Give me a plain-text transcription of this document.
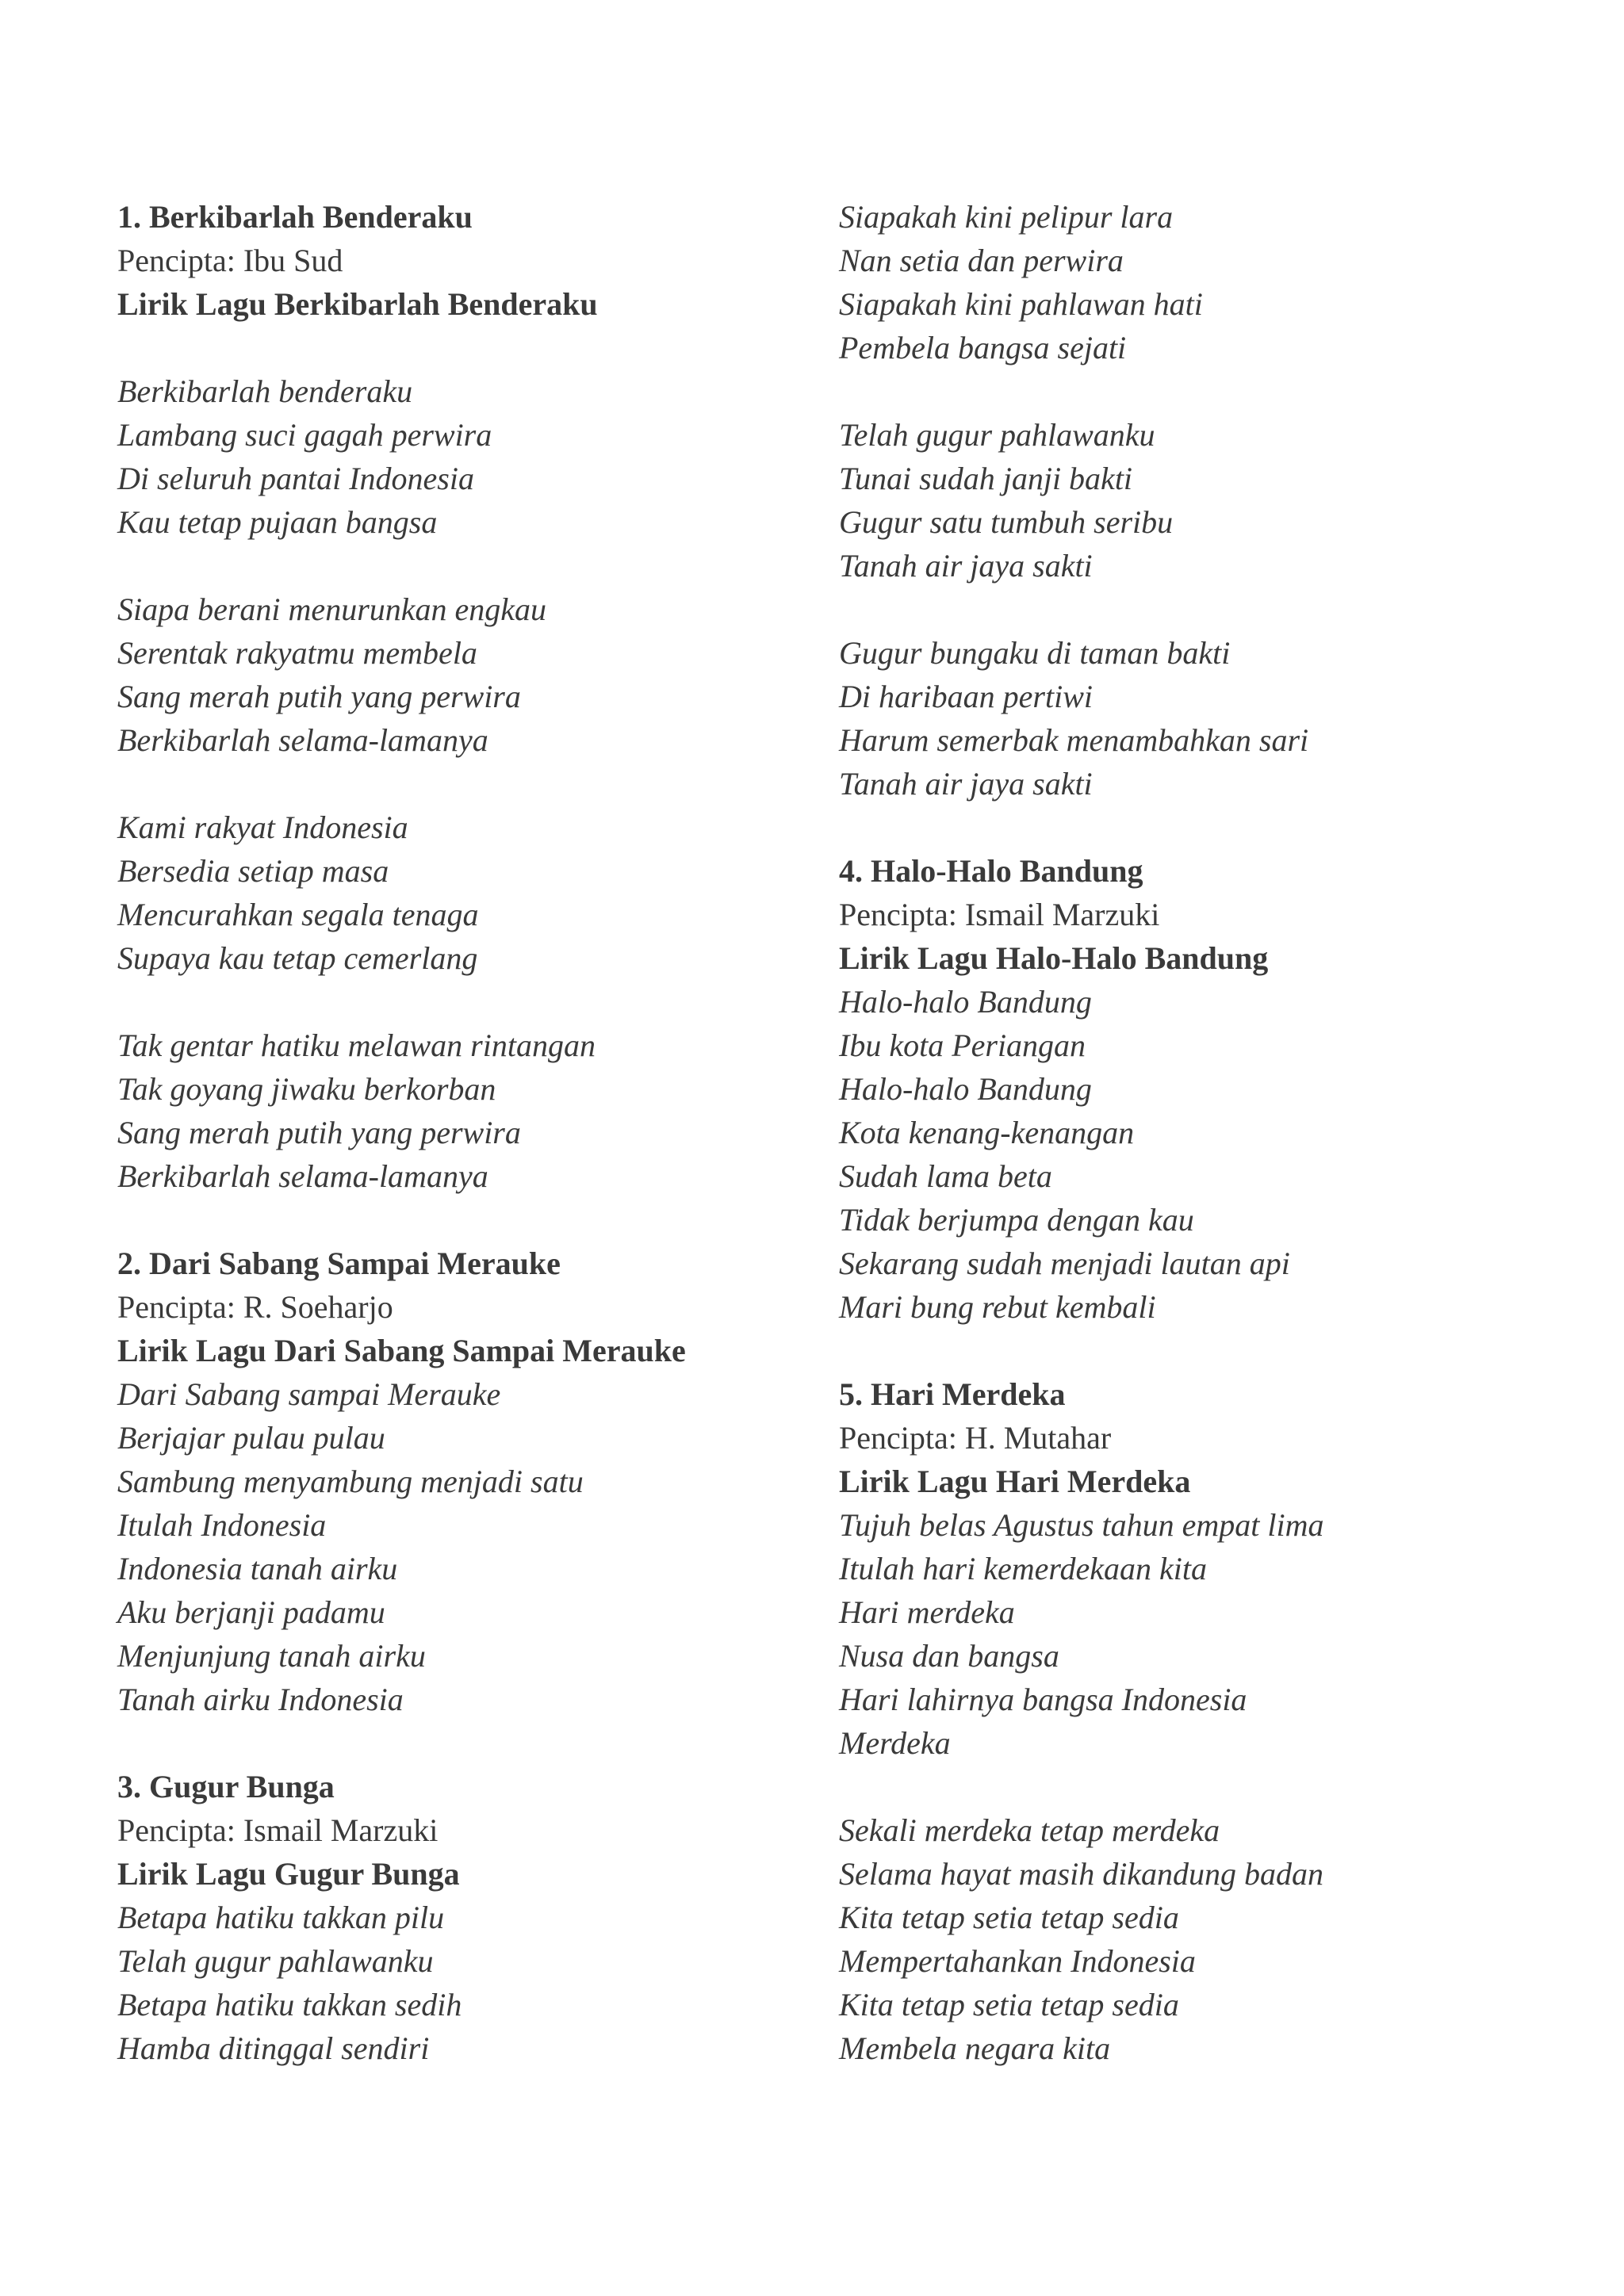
1. Berkibarlah Benderaku
Pencipta: Ibu Sud
Lirik Lagu Berkibarlah Benderaku
Berkibarlah benderaku
Lambang suci gagah perwira
Di seluruh pantai Indonesia
Kau tetap pujaan bangsa
Siapa berani menurunkan engkau
Serentak rakyatmu membela
Sang merah putih yang perwira
Berkibarlah selama-lamanya
Kami rakyat Indonesia
Bersedia setiap masa
Mencurahkan segala tenaga
Supaya kau tetap cemerlang
Tak gentar hatiku melawan rintangan
Tak goyang jiwaku berkorban
Sang merah putih yang perwira
Berkibarlah selama-lamanya
2. Dari Sabang Sampai Merauke
Pencipta: R. Soeharjo
Lirik Lagu Dari Sabang Sampai Merauke
Dari Sabang sampai Merauke
Berjajar pulau pulau
Sambung menyambung menjadi satu
Itulah Indonesia
Indonesia tanah airku
Aku berjanji padamu
Menjunjung tanah airku
Tanah airku Indonesia
3. Gugur Bunga
Pencipta: Ismail Marzuki
Lirik Lagu Gugur Bunga
Betapa hatiku takkan pilu
Telah gugur pahlawanku
Betapa hatiku takkan sedih
Hamba ditinggal sendiri
Siapakah kini pelipur lara
Nan setia dan perwira
Siapakah kini pahlawan hati
Pembela bangsa sejati
Telah gugur pahlawanku
Tunai sudah janji bakti
Gugur satu tumbuh seribu
Tanah air jaya sakti
Gugur bungaku di taman bakti
Di haribaan pertiwi
Harum semerbak menambahkan sari
Tanah air jaya sakti
4. Halo-Halo Bandung
Pencipta: Ismail Marzuki
Lirik Lagu Halo-Halo Bandung
Halo-halo Bandung
Ibu kota Periangan
Halo-halo Bandung
Kota kenang-kenangan
Sudah lama beta
Tidak berjumpa dengan kau
Sekarang sudah menjadi lautan api
Mari bung rebut kembali
5. Hari Merdeka
Pencipta: H. Mutahar
Lirik Lagu Hari Merdeka
Tujuh belas Agustus tahun empat lima
Itulah hari kemerdekaan kita
Hari merdeka
Nusa dan bangsa
Hari lahirnya bangsa Indonesia
Merdeka
Sekali merdeka tetap merdeka
Selama hayat masih dikandung badan
Kita tetap setia tetap sedia
Mempertahankan Indonesia
Kita tetap setia tetap sedia
Membela negara kita
